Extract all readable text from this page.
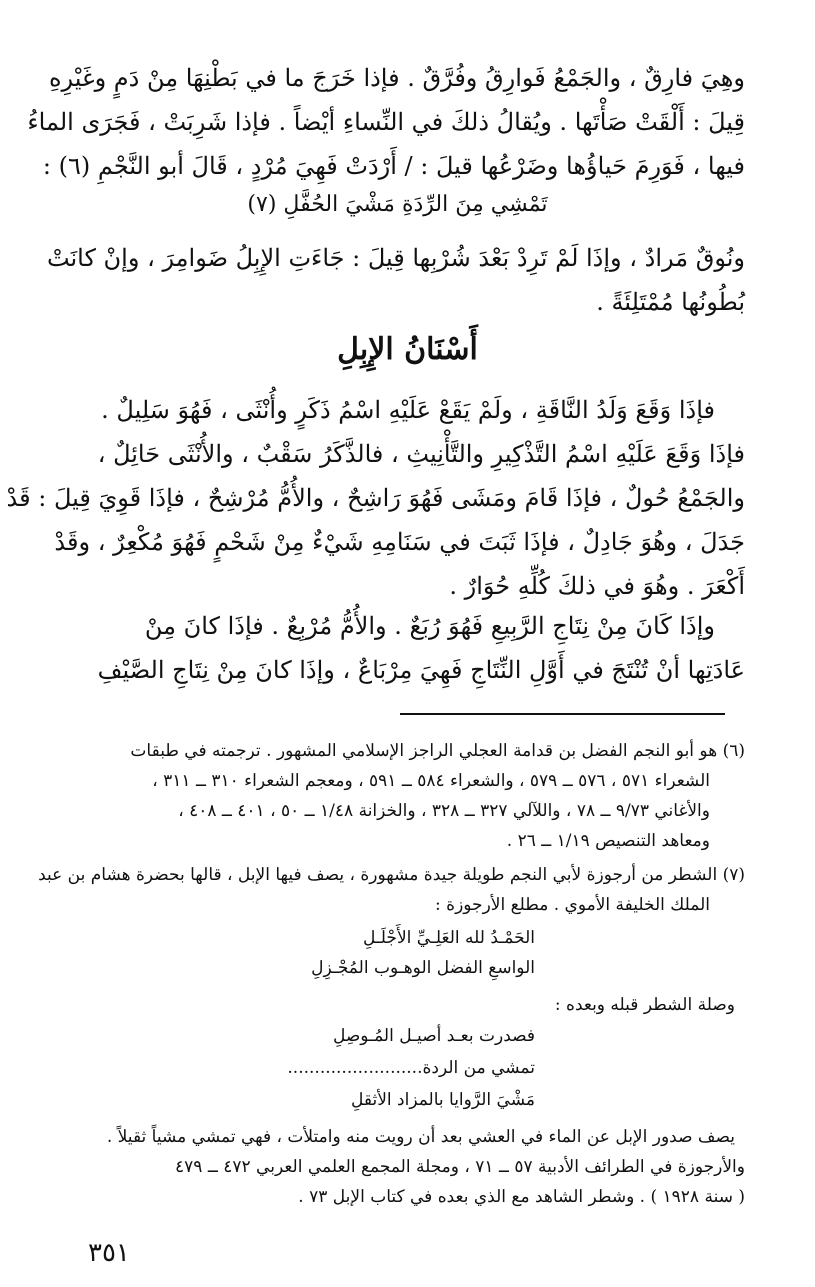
وهِيَ فارِقٌ ، والجَمْعُ فَوارِقُ وفُرَّقٌ . فإذا خَرَجَ ما في بَطْنِهَا مِنْ دَمٍ وغَيْرِهِ
قِيلَ : أَلْقَتْ صَأْتَها . ويُقالُ ذلكَ في النِّساءِ أيْضاً . فإذا شَرِبَتْ ، فَجَرَى الماءُ
فيها ، فَوَرِمَ حَياؤُها وضَرْعُها قيلَ : / أَرْدَتْ فَهِيَ مُرْدٍ ، قَالَ أبو النَّجْمِ (٦) :
تَمْشِي مِنَ الرِّدَةِ مَشْيَ الحُفَّلِ (٧)
ونُوقٌ مَرادٌ ، وإذَا لَمْ تَرِدْ بَعْدَ شُرْبِها قِيلَ : جَاءَتِ الإِبِلُ ضَوامِرَ ، وإنْ كانَتْ
بُطُونُها مُمْتَلِئَةً .
أَسْنَانُ الإِبِلِ
فإذَا وَقَعَ وَلَدُ النَّاقَةِ ، ولَمْ يَقَعْ عَلَيْهِ اسْمُ ذَكَرٍ وأُنْثَى ، فَهُوَ سَلِيلٌ .
فإذَا وَقَعَ عَلَيْهِ اسْمُ التَّذْكِيرِ والتَّأْنِيثِ ، فالذَّكَرُ سَقْبٌ ، والأُنْثَى حَائِلٌ ،
والجَمْعُ حُولٌ ، فإذَا قَامَ ومَشَى فَهُوَ رَاشِحٌ ، والأُمُّ مُرْشِحٌ ، فإذَا قَوِيَ قِيلَ : قَدْ
جَدَلَ ، وهُوَ جَادِلٌ ، فإذَا ثَبَتَ في سَنَامِهِ شَيْءٌ مِنْ شَحْمٍ فَهُوَ مُكْعِرٌ ، وقَدْ
أَكْعَرَ . وهُوَ في ذلكَ كُلِّهِ حُوَارٌ .
وإذَا كَانَ مِنْ نِتَاجِ الرَّبِيعِ فَهُوَ رُبَعٌ . والأُمُّ مُرْبِعٌ . فإذَا كانَ مِنْ
عَادَتِها أنْ تُنْتَجَ في أَوَّلِ النِّتَاجِ فَهِيَ مِرْبَاعٌ ، وإذَا كانَ مِنْ نِتَاجِ الصَّيْفِ
(٦) هو أبو النجم الفضل بن قدامة العجلي الراجز الإسلامي المشهور . ترجمته في طبقات
الشعراء ٥٧١ ، ٥٧٦ ــ ٥٧٩ ، والشعراء ٥٨٤ ــ ٥٩١ ، ومعجم الشعراء ٣١٠ ــ ٣١١ ،
والأغاني ٩/٧٣ ــ ٧٨ ، واللآلي ٣٢٧ ــ ٣٢٨ ، والخزانة ١/٤٨ ــ ٥٠ ، ٤٠١ ــ ٤٠٨ ،
ومعاهد التنصيص ١/١٩ ــ ٢٦ .
(٧) الشطر من أرجوزة لأبي النجم طويلة جيدة مشهورة ، يصف فيها الإبل ، قالها بحضرة هشام بن عبد
الملك الخليفة الأموي . مطلع الأرجوزة :
الحَمْـدُ لله العَلِـيِّ الأَجْلَـلِ
الواسعِ الفضل الوهـوب المُجْـزِلِ
وصلة الشطر قبله وبعده :
فصدرت بعـد أصيـل المُـوصِلِ
تمشي من الردة.........................
مَشْيَ الرَّوايا بالمزاد الأثقلِ
يصف صدور الإبل عن الماء في العشي بعد أن رويت منه وامتلأت ، فهي تمشي مشياً ثقيلاً .
والأرجوزة في الطرائف الأدبية ٥٧ ــ ٧١ ، ومجلة المجمع العلمي العربي ٤٧٢ ــ ٤٧٩
( سنة ١٩٢٨ ) . وشطر الشاهد مع الذي بعده في كتاب الإبل ٧٣ .
٣٥١
